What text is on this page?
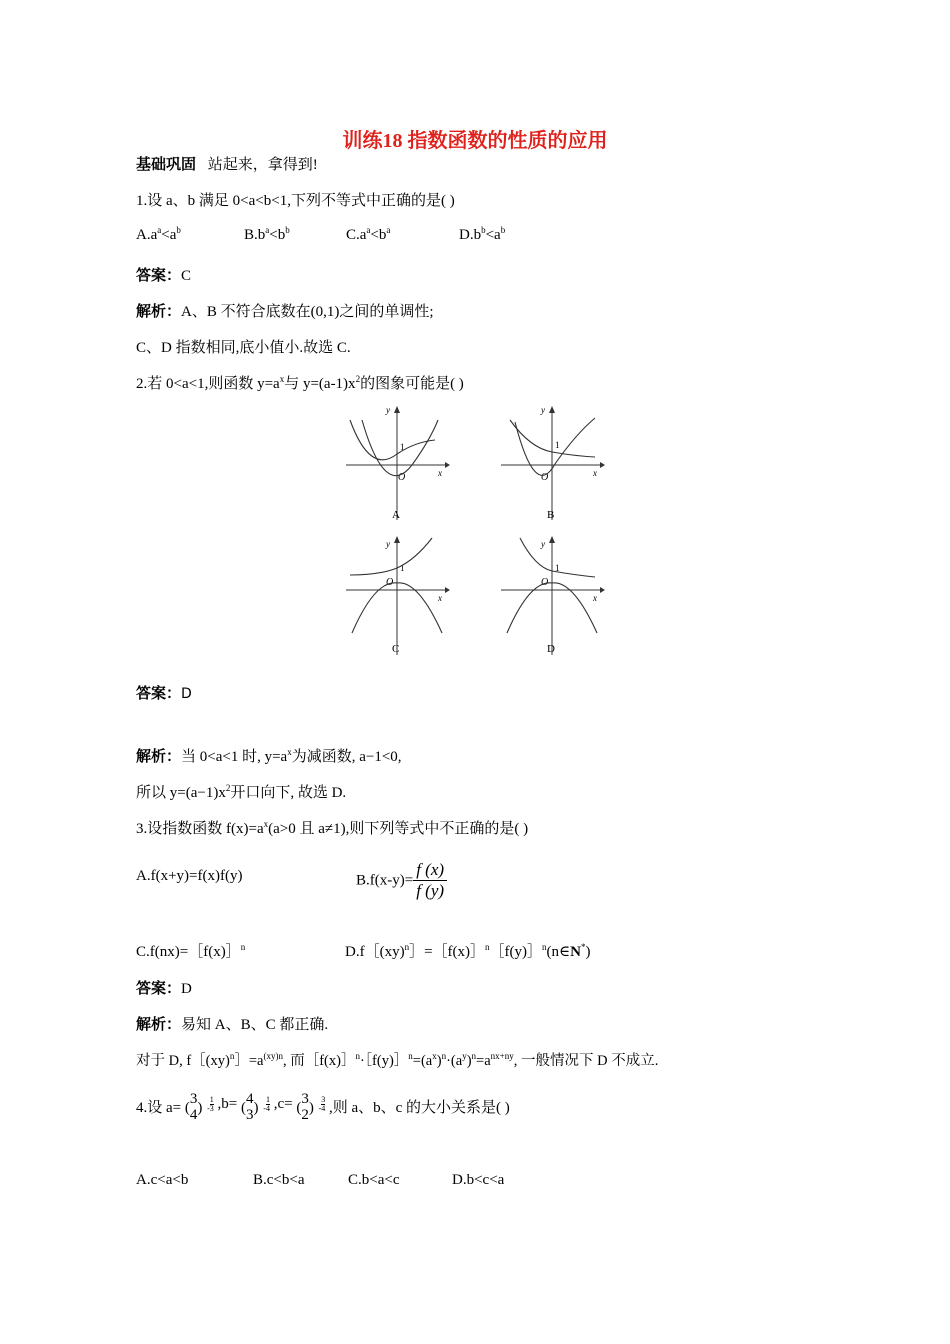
训练18 指数函数的性质的应用
基础巩固 站起来，拿得到!
1.设 a、b 满足 0<a<b<1,下列不等式中正确的是( )
$A.a^a<a^b$	$B.b^a<b^b$	$C.a^a<b^a$	$D.b^b<a^b$
答案：C
解析：A、B 不符合底数在(0,1)之间的单调性;
C、D 指数相同,底小值小.故选 C.
2.若 0<a<1,则函数 $y=a^x$与 $y=(a-1)x^2$的图象可能是( )
y
x
O
1
A
y
x
O
1
B
y
x
O
1
C
y
x
O
1
D
答案：D
解析：当 0<a<1 时, $y=a^x$为减函数, a−1<0,
所以 $y=(a-1)x^2$开口向下, 故选 D.
3.设指数函数 $f(x)=a^x(a>0$ 且 a≠1),则下列等式中不正确的是( )
A.f(x+y)=f(x)f(y)	$B.f(x-y)= \frac{f (x)}{f (y)}$
C.f(nx)=［f(x)］$^n$	D.f［(xy)$^n$］=［f(x)］$^n$［f(y)］$^n$(n∈N*)
答案：D
解析：易知 A、B、C 都正确.
对于 D, $f[(xy)^n]=a^{(xy)n}$, 而$[f(x)]^n\cdot[f(y)]^n=(a^x)^n\cdot(a^y)^n=a^{nx+ny}$, 一般情况下 D 不成立.
4.设 a= (
3
4 ) - $\frac{1}{3} ,b=$ (
4
3 ) - $\frac{1}{4} ,c=$ (
3
2 ) - $\frac{3}{4}$ ,则 a、b、c 的大小关系是( )
A.c<a<b	B.c<b<a	C.b<a<c	D.b<c<a
